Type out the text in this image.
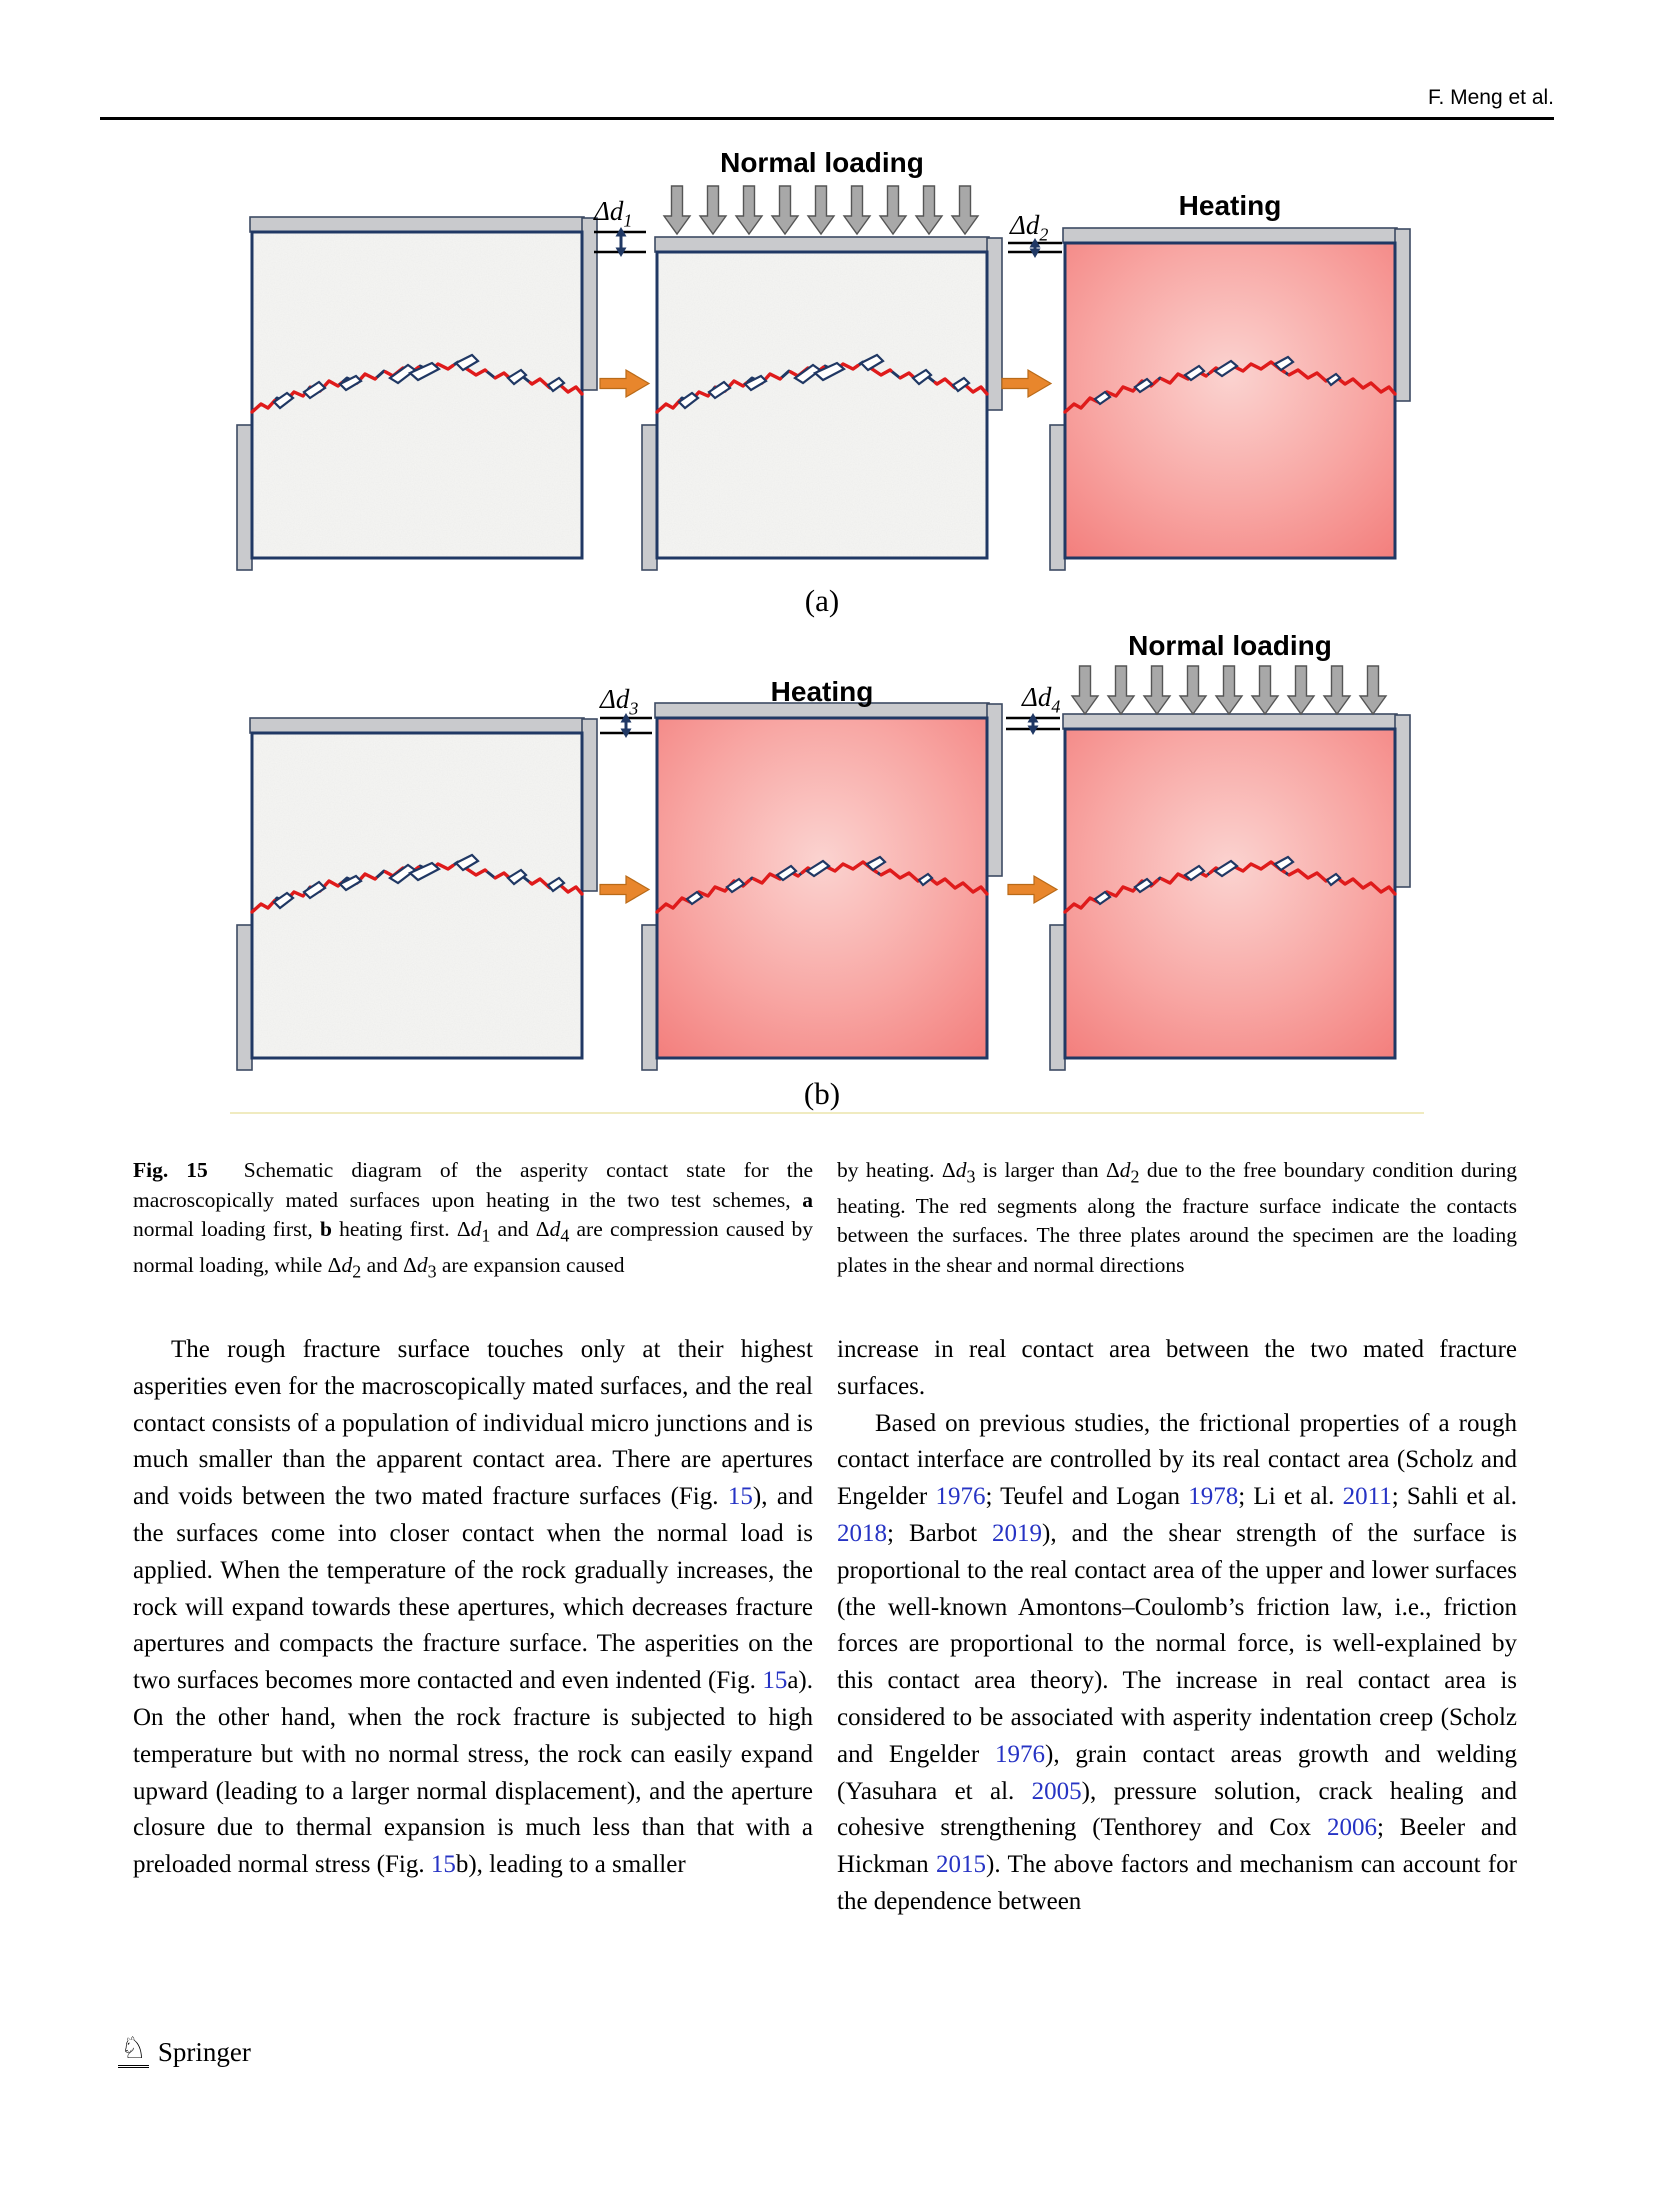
F. Meng et al.
Normal loading
Heating
Heating
Normal loading
$\Delta d_1$	$\Delta d_2$
$\Delta d_3$	$\Delta d_4$
(a)
(b)
Fig. 15  Schematic diagram of the asperity contact state for the macroscopically mated surfaces upon heating in the two test schemes, a normal loading first, b heating first. $\Delta d_1$ and $\Delta d_4$ are compression caused by normal loading, while $\Delta d_2$ and $\Delta d_3$ are expansion caused
by heating. $\Delta d_3$ is larger than $\Delta d_2$ due to the free boundary condition during heating. The red segments along the fracture surface indicate the contacts between the surfaces. The three plates around the specimen are the loading plates in the shear and normal directions

The rough fracture surface touches only at their highest asperities even for the macroscopically mated surfaces, and the real contact consists of a population of individual micro junctions and is much smaller than the apparent contact area. There are apertures and voids between the two mated fracture surfaces (Fig. 15), and the surfaces come into closer contact when the normal load is applied. When the temperature of the rock gradually increases, the rock will expand towards these apertures, which decreases fracture apertures and compacts the fracture surface. The asperities on the two surfaces becomes more contacted and even indented (Fig. 15a). On the other hand, when the rock fracture is subjected to high temperature but with no normal stress, the rock can easily expand upward (leading to a larger normal displacement), and the aperture closure due to thermal expansion is much less than that with a preloaded normal stress (Fig. 15b), leading to a smaller

increase in real contact area between the two mated fracture surfaces.

Based on previous studies, the frictional properties of a rough contact interface are controlled by its real contact area (Scholz and Engelder 1976; Teufel and Logan 1978; Li et al. 2011; Sahli et al. 2018; Barbot 2019), and the shear strength of the surface is proportional to the real contact area of the upper and lower surfaces (the well-known Amontons–Coulomb’s friction law, i.e., friction forces are proportional to the normal force, is well-explained by this contact area theory). The increase in real contact area is considered to be associated with asperity indentation creep (Scholz and Engelder 1976), grain contact areas growth and welding (Yasuhara et al. 2005), pressure solution, crack healing and cohesive strengthening (Tenthorey and Cox 2006; Beeler and Hickman 2015). The above factors and mechanism can account for the dependence between

♘ Springer
